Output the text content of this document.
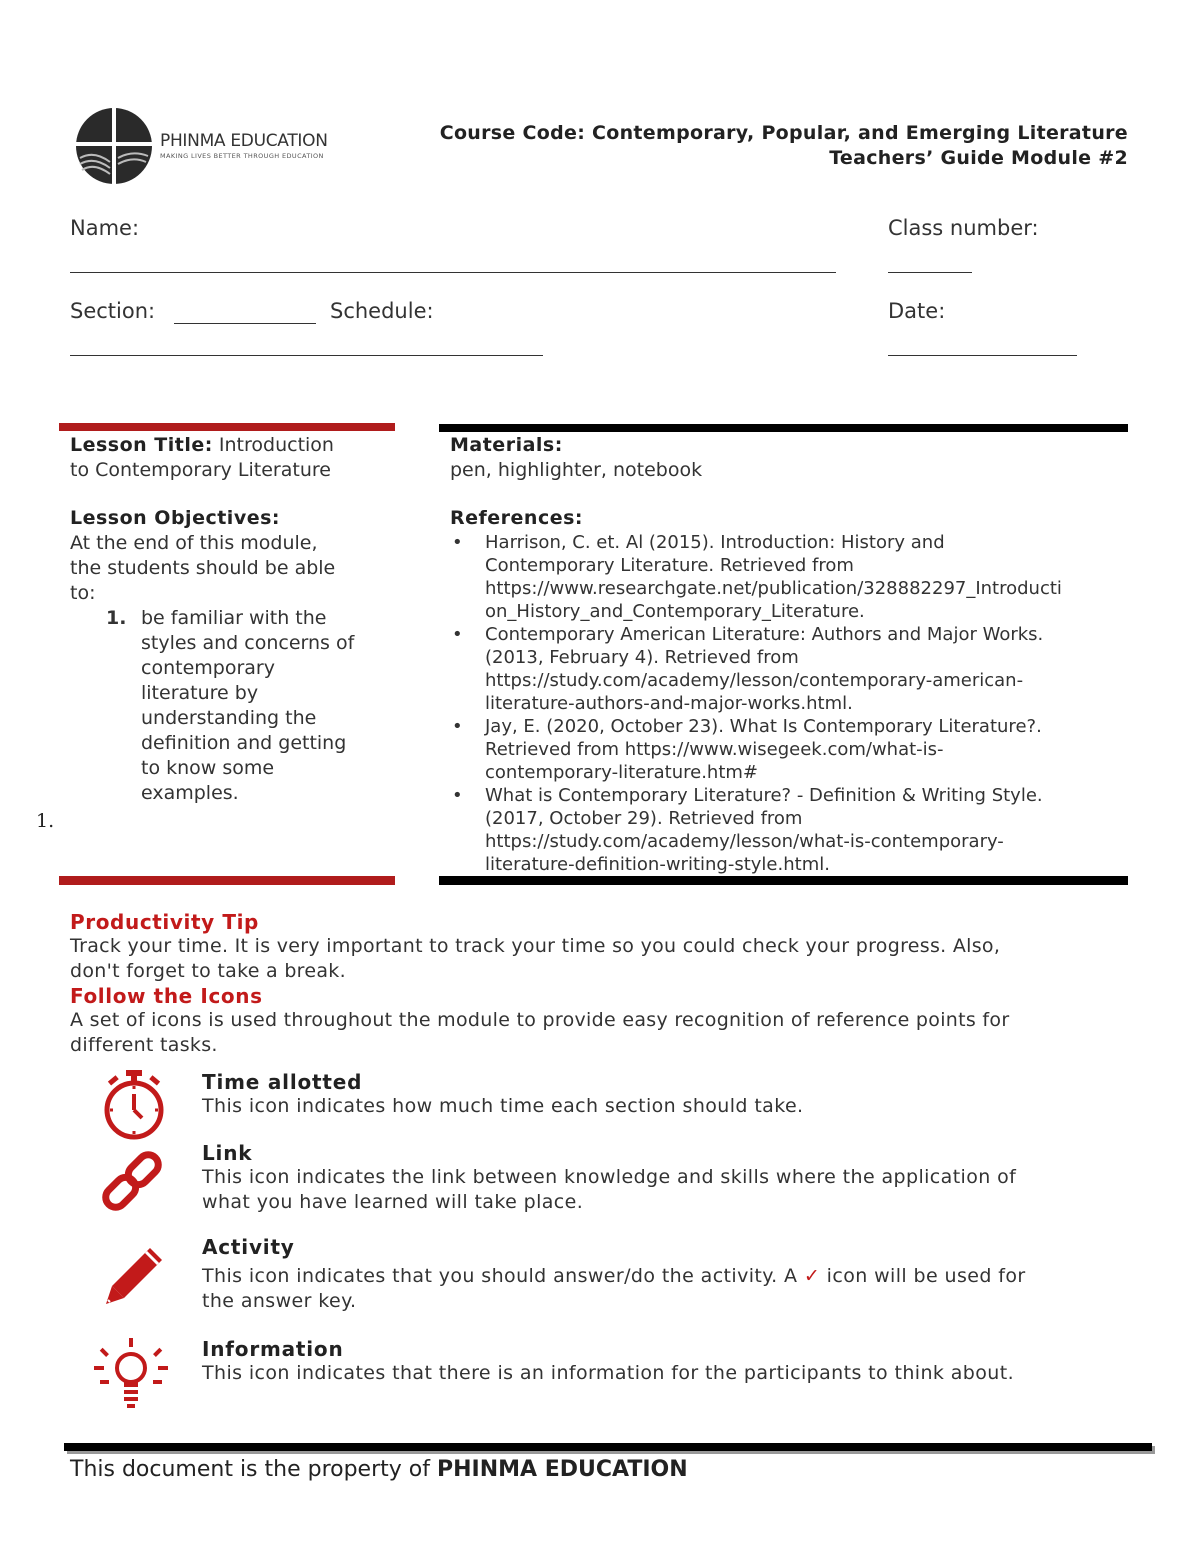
PHINMA EDUCATION
MAKING LIVES BETTER THROUGH EDUCATION
Course Code: Contemporary, Popular, and Emerging Literature
Teachers’ Guide Module #2
Name:	Class number:
Section:	Schedule:	Date:
Lesson Title: Introduction
to Contemporary Literature
Lesson Objectives:
At the end of this module,
the students should be able
to:
1. be familiar with the
styles and concerns of
contemporary
literature by
understanding the
definition and getting
to know some
examples.
1.
Materials:
pen, highlighter, notebook
References:
• Harrison, C. et. Al (2015). Introduction: History and
Contemporary Literature. Retrieved from
https://www.researchgate.net/publication/328882297_Introducti
on_History_and_Contemporary_Literature.
• Contemporary American Literature: Authors and Major Works.
(2013, February 4). Retrieved from
https://study.com/academy/lesson/contemporary-american-
literature-authors-and-major-works.html.
• Jay, E. (2020, October 23). What Is Contemporary Literature?.
Retrieved from https://www.wisegeek.com/what-is-
contemporary-literature.htm#
• What is Contemporary Literature? - Definition & Writing Style.
(2017, October 29). Retrieved from
https://study.com/academy/lesson/what-is-contemporary-
literature-definition-writing-style.html.
Productivity Tip
Track your time. It is very important to track your time so you could check your progress. Also,
don't forget to take a break.
Follow the Icons
A set of icons is used throughout the module to provide easy recognition of reference points for
different tasks.
Time allotted
This icon indicates how much time each section should take.
Link
This icon indicates the link between knowledge and skills where the application of
what you have learned will take place.
Activity
This icon indicates that you should answer/do the activity. A ✓ icon will be used for
the answer key.
Information
This icon indicates that there is an information for the participants to think about.
This document is the property of PHINMA EDUCATION
